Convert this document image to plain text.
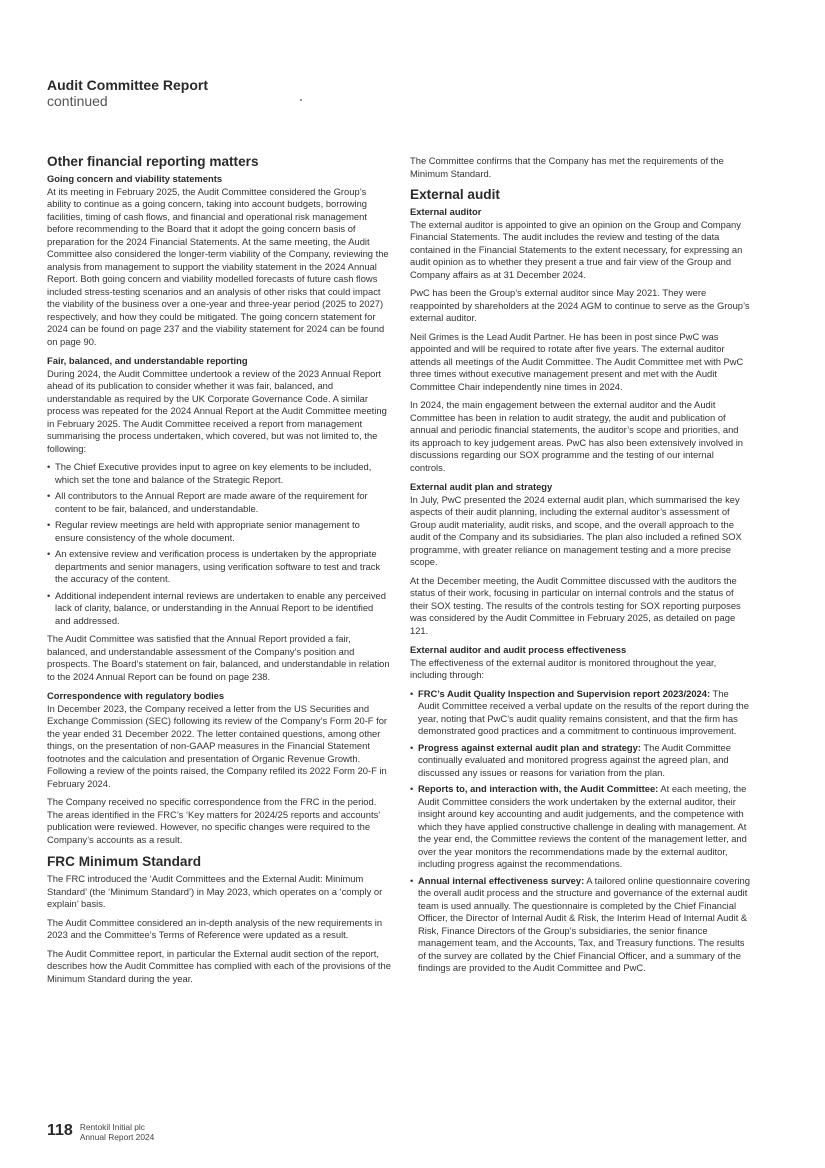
Audit Committee Report
continued
Other financial reporting matters
Going concern and viability statements

At its meeting in February 2025, the Audit Committee considered the Group’s ability to continue as a going concern, taking into account budgets, borrowing facilities, timing of cash flows, and financial and operational risk management before recommending to the Board that it adopt the going concern basis of preparation for the 2024 Financial Statements. At the same meeting, the Audit Committee also considered the longer-term viability of the Company, reviewing the analysis from management to support the viability statement in the 2024 Annual Report. Both going concern and viability modelled forecasts of future cash flows included stress-testing scenarios and an analysis of other risks that could impact the viability of the business over a one-year and three-year period (2025 to 2027) respectively, and how they could be mitigated. The going concern statement for 2024 can be found on page 237 and the viability statement for 2024 can be found on page 90.

Fair, balanced, and understandable reporting

During 2024, the Audit Committee undertook a review of the 2023 Annual Report ahead of its publication to consider whether it was fair, balanced, and understandable as required by the UK Corporate Governance Code. A similar process was repeated for the 2024 Annual Report at the Audit Committee meeting in February 2025. The Audit Committee received a report from management summarising the process undertaken, which covered, but was not limited to, the following:

• The Chief Executive provides input to agree on key elements to be included, which set the tone and balance of the Strategic Report.
• All contributors to the Annual Report are made aware of the requirement for content to be fair, balanced, and understandable.
• Regular review meetings are held with appropriate senior management to ensure consistency of the whole document.
• An extensive review and verification process is undertaken by the appropriate departments and senior managers, using verification software to test and track the accuracy of the content.
• Additional independent internal reviews are undertaken to enable any perceived lack of clarity, balance, or understanding in the Annual Report to be identified and addressed.

The Audit Committee was satisfied that the Annual Report provided a fair, balanced, and understandable assessment of the Company’s position and prospects. The Board’s statement on fair, balanced, and understandable in relation to the 2024 Annual Report can be found on page 238.

Correspondence with regulatory bodies

In December 2023, the Company received a letter from the US Securities and Exchange Commission (SEC) following its review of the Company’s Form 20-F for the year ended 31 December 2022. The letter contained questions, among other things, on the presentation of non-GAAP measures in the Financial Statement footnotes and the calculation and presentation of Organic Revenue Growth. Following a review of the points raised, the Company refiled its 2022 Form 20-F in February 2024.

The Company received no specific correspondence from the FRC in the period. The areas identified in the FRC’s ‘Key matters for 2024/25 reports and accounts’ publication were reviewed. However, no specific changes were required to the Company’s accounts as a result.

FRC Minimum Standard

The FRC introduced the ‘Audit Committees and the External Audit: Minimum Standard’ (the ‘Minimum Standard’) in May 2023, which operates on a ‘comply or explain’ basis.

The Audit Committee considered an in-depth analysis of the new requirements in 2023 and the Committee’s Terms of Reference were updated as a result.

The Audit Committee report, in particular the External audit section of the report, describes how the Audit Committee has complied with each of the provisions of the Minimum Standard during the year.

The Committee confirms that the Company has met the requirements of the Minimum Standard.

External audit
External auditor

The external auditor is appointed to give an opinion on the Group and Company Financial Statements. The audit includes the review and testing of the data contained in the Financial Statements to the extent necessary, for expressing an audit opinion as to whether they present a true and fair view of the Group and Company affairs as at 31 December 2024.

PwC has been the Group’s external auditor since May 2021. They were reappointed by shareholders at the 2024 AGM to continue to serve as the Group’s external auditor.

Neil Grimes is the Lead Audit Partner. He has been in post since PwC was appointed and will be required to rotate after five years. The external auditor attends all meetings of the Audit Committee. The Audit Committee met with PwC three times without executive management present and met with the Audit Committee Chair independently nine times in 2024.

In 2024, the main engagement between the external auditor and the Audit Committee has been in relation to audit strategy, the audit and publication of annual and periodic financial statements, the auditor’s scope and priorities, and its approach to key judgement areas. PwC has also been extensively involved in discussions regarding our SOX programme and the testing of our internal controls.

External audit plan and strategy

In July, PwC presented the 2024 external audit plan, which summarised the key aspects of their audit planning, including the external auditor’s assessment of Group audit materiality, audit risks, and scope, and the overall approach to the audit of the Company and its subsidiaries. The plan also included a refined SOX programme, with greater reliance on management testing and a more precise scope.

At the December meeting, the Audit Committee discussed with the auditors the status of their work, focusing in particular on internal controls and the status of their SOX testing. The results of the controls testing for SOX reporting purposes was considered by the Audit Committee in February 2025, as detailed on page 121.

External auditor and audit process effectiveness

The effectiveness of the external auditor is monitored throughout the year, including through:

• FRC’s Audit Quality Inspection and Supervision report 2023/2024: The Audit Committee received a verbal update on the results of the report during the year, noting that PwC’s audit quality remains consistent, and that the firm has demonstrated good practices and a commitment to continuous improvement.
• Progress against external audit plan and strategy: The Audit Committee continually evaluated and monitored progress against the agreed plan, and discussed any issues or reasons for variation from the plan.
• Reports to, and interaction with, the Audit Committee: At each meeting, the Audit Committee considers the work undertaken by the external auditor, their insight around key accounting and audit judgements, and the competence with which they have applied constructive challenge in dealing with management. At the year end, the Committee reviews the content of the management letter, and over the year monitors the recommendations made by the external auditor, including progress against the recommendations.
• Annual internal effectiveness survey: A tailored online questionnaire covering the overall audit process and the structure and governance of the external audit team is used annually. The questionnaire is completed by the Chief Financial Officer, the Director of Internal Audit & Risk, the Interim Head of Internal Audit & Risk, Finance Directors of the Group’s subsidiaries, the senior finance management team, and the Accounts, Tax, and Treasury functions. The results of the survey are collated by the Chief Financial Officer, and a summary of the findings are provided to the Audit Committee and PwC.
118 Rentokil Initial plc
Annual Report 2024
